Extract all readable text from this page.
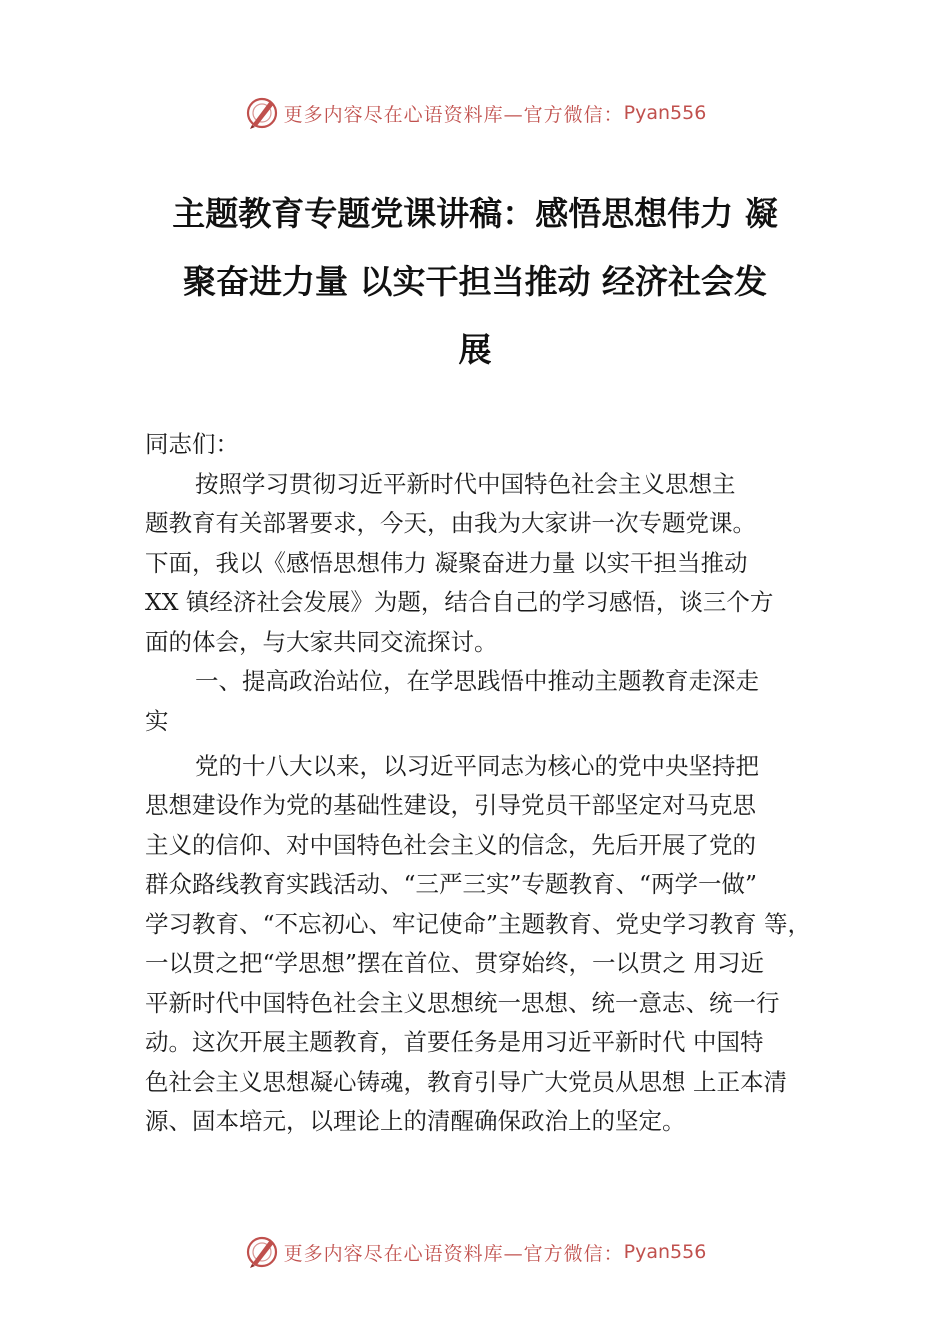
更多内容尽在心语资料库—官方微信： Pyan556
主题教育专题党课讲稿：感悟思想伟力 凝
聚奋进力量 以实干担当推动 经济社会发
展
同志们：
按照学习贯彻习近平新时代中国特色社会主义思想主
题教育有关部署要求，今天，由我为大家讲一次专题党课。
下面，我以《感悟思想伟力 凝聚奋进力量 以实干担当推动
XX 镇经济社会发展》为题，结合自己的学习感悟，谈三个方
面的体会，与大家共同交流探讨。
一、提高政治站位，在学思践悟中推动主题教育走深走
实
党的十八大以来，以习近平同志为核心的党中央坚持把
思想建设作为党的基础性建设，引导党员干部坚定对马克思
主义的信仰、对中国特色社会主义的信念，先后开展了党的
群众路线教育实践活动、“三严三实”专题教育、“两学一做”
学习教育、“不忘初心、牢记使命”主题教育、党史学习教育 等，
一以贯之把“学思想”摆在首位、贯穿始终，一以贯之 用习近
平新时代中国特色社会主义思想统一思想、统一意志、统一行
动。这次开展主题教育，首要任务是用习近平新时代 中国特
色社会主义思想凝心铸魂，教育引导广大党员从思想 上正本清
源、固本培元，以理论上的清醒确保政治上的坚定。
更多内容尽在心语资料库—官方微信： Pyan556
